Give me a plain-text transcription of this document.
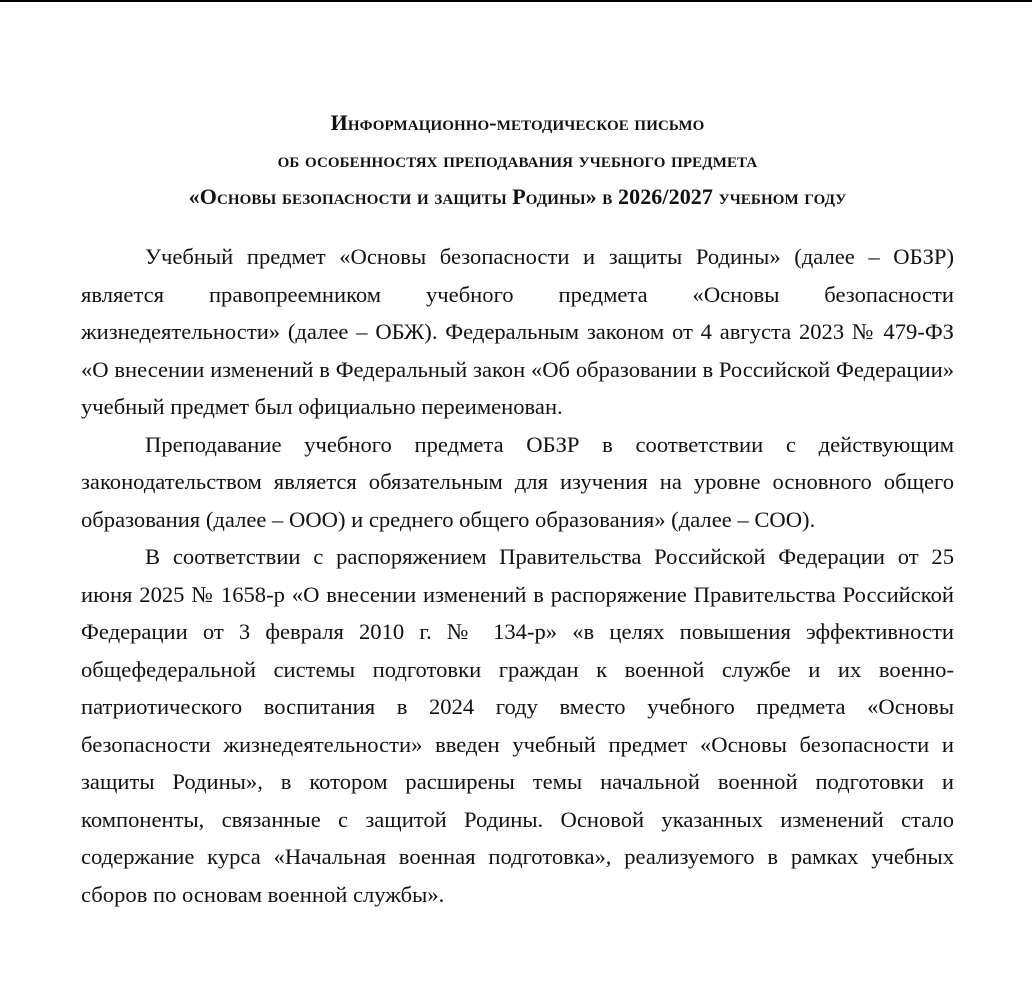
Информационно-методическое письмо
об особенностях преподавания учебного предмета
«Основы безопасности и защиты Родины» в 2026/2027 учебном году

Учебный предмет «Основы безопасности и защиты Родины» (далее – ОБЗР) является правопреемником учебного предмета «Основы безопасности жизнедеятельности» (далее – ОБЖ). Федеральным законом от 4 августа 2023 № 479-ФЗ «О внесении изменений в Федеральный закон «Об образовании в Российской Федерации» учебный предмет был официально переименован.

Преподавание учебного предмета ОБЗР в соответствии с действующим законодательством является обязательным для изучения на уровне основного общего образования (далее – ООО) и среднего общего образования» (далее – СОО).

В соответствии с распоряжением Правительства Российской Федерации от 25 июня 2025 № 1658-р «О внесении изменений в распоряжение Правительства Российской Федерации от 3 февраля 2010 г. № 134-р» «в целях повышения эффективности общефедеральной системы подготовки граждан к военной службе и их военно-патриотического воспитания в 2024 году вместо учебного предмета «Основы безопасности жизнедеятельности» введен учебный предмет «Основы безопасности и защиты Родины», в котором расширены темы начальной военной подготовки и компоненты, связанные с защитой Родины. Основой указанных изменений стало содержание курса «Начальная военная подготовка», реализуемого в рамках учебных сборов по основам военной службы».
